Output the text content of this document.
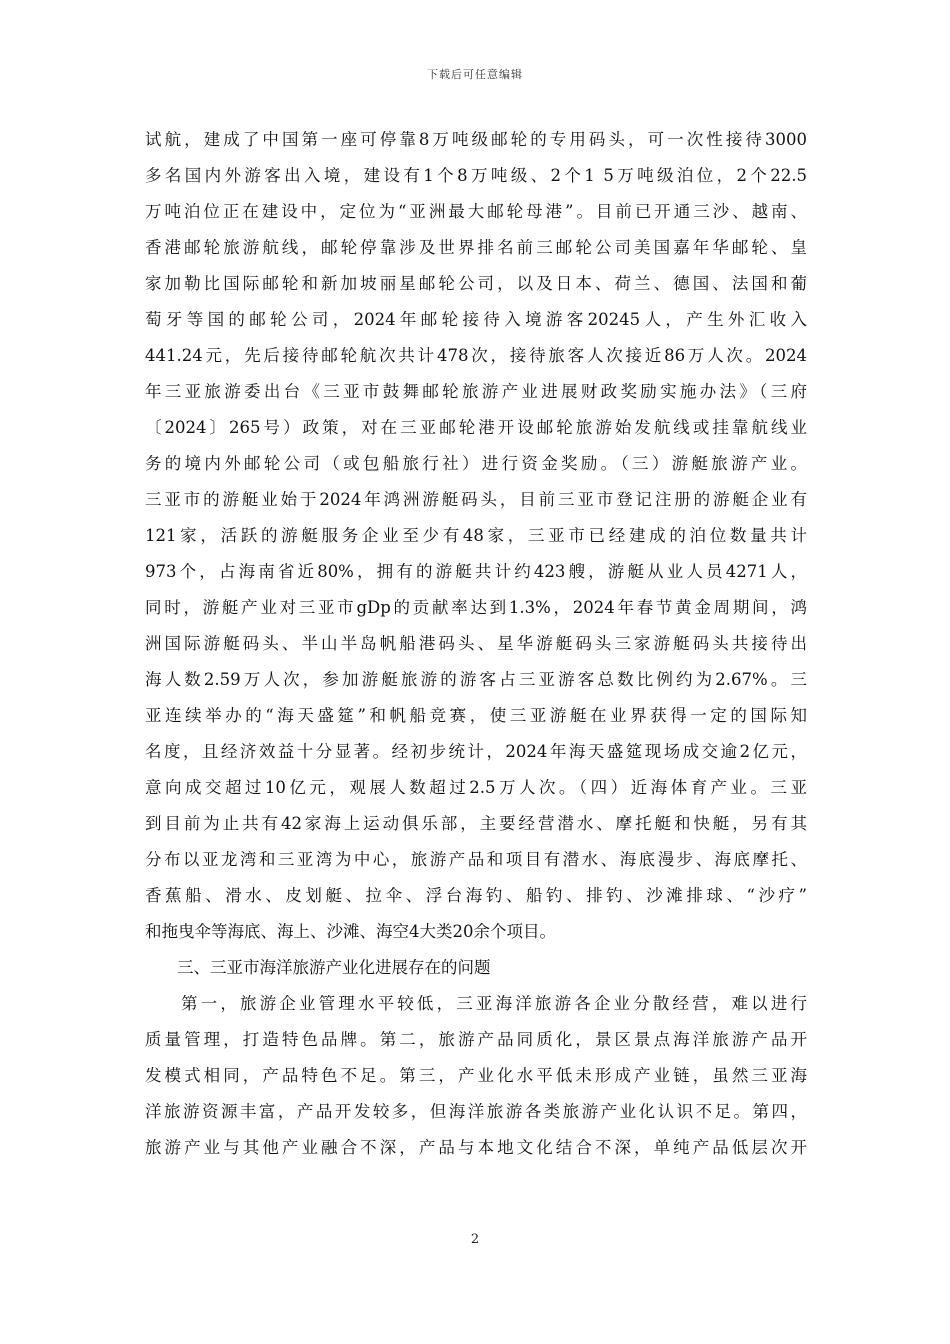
下载后可任意编辑
试航，建成了中国第一座可停靠8万吨级邮轮的专用码头，可一次性接待3000
多名国内外游客出入境，建设有1个8万吨级、2个1 5万吨级泊位，2个22.5
万吨泊位正在建设中，定位为“亚洲最大邮轮母港”。目前已开通三沙、越南、
香港邮轮旅游航线，邮轮停靠涉及世界排名前三邮轮公司美国嘉年华邮轮、皇
家加勒比国际邮轮和新加坡丽星邮轮公司，以及日本、荷兰、德国、法国和葡
萄牙等国的邮轮公司，2024年邮轮接待入境游客20245人，产生外汇收入
441.24元，先后接待邮轮航次共计478次，接待旅客人次接近86万人次。2024
年三亚旅游委出台《三亚市鼓舞邮轮旅游产业进展财政奖励实施办法》（三府
〔2024〕265号）政策，对在三亚邮轮港开设邮轮旅游始发航线或挂靠航线业
务的境内外邮轮公司（或包船旅行社）进行资金奖励。（三）游艇旅游产业。
三亚市的游艇业始于2024年鸿洲游艇码头，目前三亚市登记注册的游艇企业有
121家，活跃的游艇服务企业至少有48家，三亚市已经建成的泊位数量共计
973个，占海南省近80%，拥有的游艇共计约423艘，游艇从业人员4271人，
同时，游艇产业对三亚市gDp的贡献率达到1.3%，2024年春节黄金周期间，鸿
洲国际游艇码头、半山半岛帆船港码头、星华游艇码头三家游艇码头共接待出
海人数2.59万人次，参加游艇旅游的游客占三亚游客总数比例约为2.67%。三
亚连续举办的“海天盛筵”和帆船竞赛，使三亚游艇在业界获得一定的国际知
名度，且经济效益十分显著。经初步统计，2024年海天盛筵现场成交逾2亿元，
意向成交超过10亿元，观展人数超过2.5万人次。（四）近海体育产业。三亚
到目前为止共有42家海上运动俱乐部，主要经营潜水、摩托艇和快艇，另有其
分布以亚龙湾和三亚湾为中心，旅游产品和项目有潜水、海底漫步、海底摩托、
香蕉船、滑水、皮划艇、拉伞、浮台海钓、船钓、排钓、沙滩排球、“沙疗”
和拖曳伞等海底、海上、沙滩、海空4大类20余个项目。
三、三亚市海洋旅游产业化进展存在的问题
第一，旅游企业管理水平较低，三亚海洋旅游各企业分散经营，难以进行
质量管理，打造特色品牌。第二，旅游产品同质化，景区景点海洋旅游产品开
发模式相同，产品特色不足。第三，产业化水平低未形成产业链，虽然三亚海
洋旅游资源丰富，产品开发较多，但海洋旅游各类旅游产业化认识不足。第四，
旅游产业与其他产业融合不深，产品与本地文化结合不深，单纯产品低层次开
2
